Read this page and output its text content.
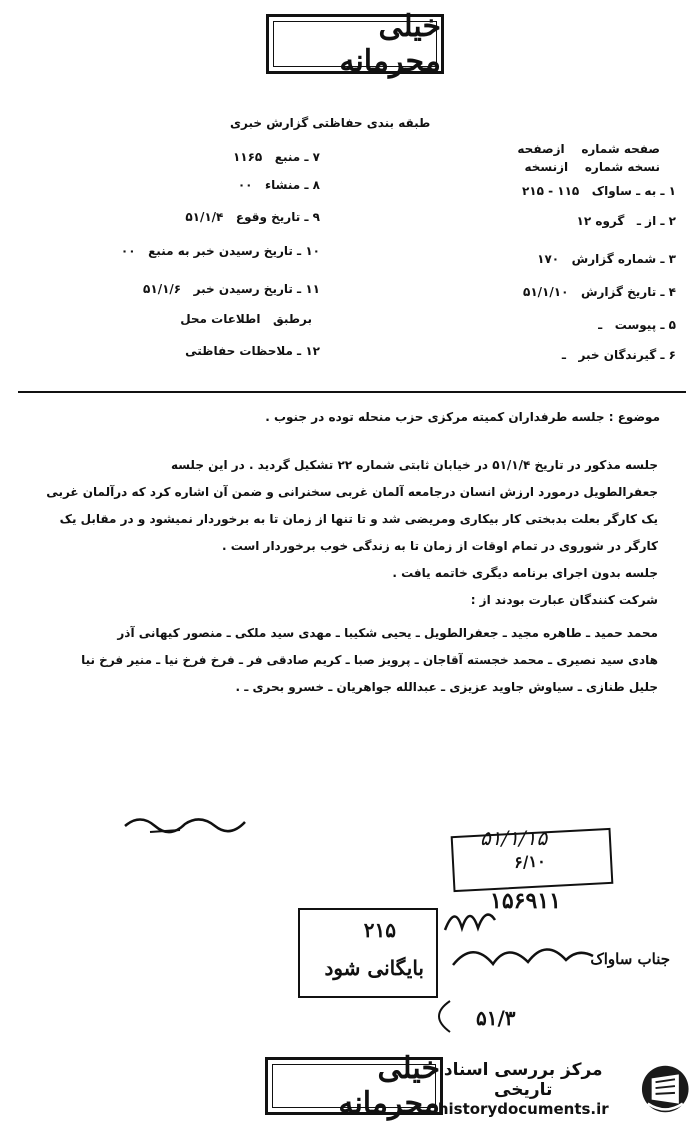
خیلی محرمانه
طبقه بندی حفاظتی گزارش خبری
صفحه شماره    ازصفحه
نسخه شماره    ازنسخه
۱ ـ به ـ ساواک   ۱۱۵ - ۲۱۵
۲ ـ از ـ   گروه ۱۲
۳ ـ شماره گزارش   ۱۷۰
۴ ـ تاریخ گزارش   ۵۱/۱/۱۰
۵ ـ پیوست   ـ
۶ ـ گیرندگان خبر   ـ
۷ ـ منبع   ۱۱۶۵
۸ ـ منشاء   ۰۰
۹ ـ تاریخ وقوع   ۵۱/۱/۴
۱۰ ـ تاریخ رسیدن خبر به منبع   ۰۰
۱۱ ـ تاریخ رسیدن خبر   ۵۱/۱/۶
برطبق   اطلاعات محل
۱۲ ـ ملاحظات حفاظتی
موضوع : جلسه طرفداران کمیته مرکزی حزب منحله توده در جنوب .
جلسه مذکور در تاریخ ۵۱/۱/۴ در خیابان ثابتی شماره ۲۲ تشکیل گردید . در این جلسه
جعفرالطویل درمورد ارزش انسان درجامعه آلمان غربی سخنرانی و ضمن آن اشاره کرد که درآلمان غربی
یک کارگر بعلت بدبختی کار بیکاری ومریضی شد و تا تنها از زمان تا به برخوردار نمیشود و در مقابل یک
کارگر در شوروی در تمام اوقات از زمان تا به زندگی خوب برخوردار است .
جلسه بدون اجرای برنامه دیگری خاتمه یافت .
شرکت کنندگان عبارت بودند از :
محمد حمید ـ طاهره مجید ـ جعفرالطویل ـ یحیی شکیبا ـ مهدی سید ملکی ـ منصور کیهانی آذر
هادی سید نصیری ـ محمد خجسته آقاجان ـ پرویز صبا ـ کریم صادقی فر ـ فرخ فرخ نیا ـ منیر فرخ نیا
جلیل طنازی ـ سیاوش جاوید عزیزی ـ عبدالله جواهریان ـ خسرو بحری ـ .
۵۱/۱/۱۵
۶/۱۰
۱۵۶۹۱۱
۲۱۵
بایگانی شود	جناب ساواک
۵۱/۳
خیلی محرمانه
مرکز بررسی اسناد تاریخی
historydocuments.ir
